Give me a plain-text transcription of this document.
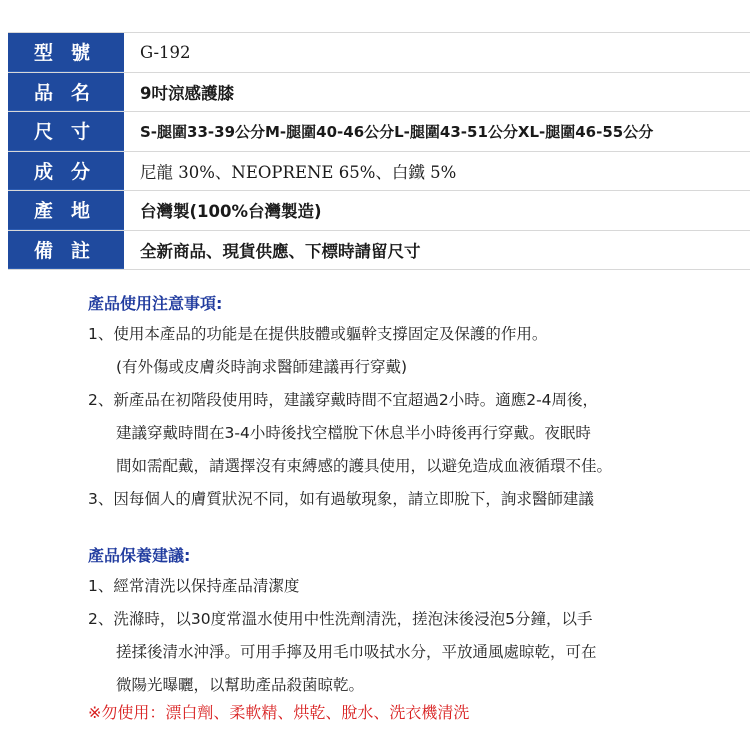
型號	G-192
品名	9吋涼感護膝
尺寸	S-腿圍33-39公分M-腿圍40-46公分L-腿圍43-51公分XL-腿圍46-55公分
成分	尼龍 30%、NEOPRENE 65%、白鐵 5%
產地	台灣製(100%台灣製造)
備註	全新商品、現貨供應、下標時請留尺寸
產品使用注意事項:
1、使用本產品的功能是在提供肢體或軀幹支撐固定及保護的作用。
(有外傷或皮膚炎時詢求醫師建議再行穿戴)
2、新產品在初階段使用時，建議穿戴時間不宜超過2小時。適應2-4周後，
建議穿戴時間在3-4小時後找空檔脫下休息半小時後再行穿戴。夜眠時
間如需配戴，請選擇沒有束縛感的護具使用，以避免造成血液循環不佳。
3、因每個人的膚質狀況不同，如有過敏現象，請立即脫下，詢求醫師建議
產品保養建議:
1、經常清洗以保持產品清潔度
2、洗滌時，以30度常溫水使用中性洗劑清洗，搓泡沫後浸泡5分鐘，以手
搓揉後清水沖淨。可用手擰及用毛巾吸拭水分，平放通風處晾乾，可在
微陽光曝曬，以幫助產品殺菌晾乾。
※勿使用：漂白劑、柔軟精、烘乾、脫水、洗衣機清洗
